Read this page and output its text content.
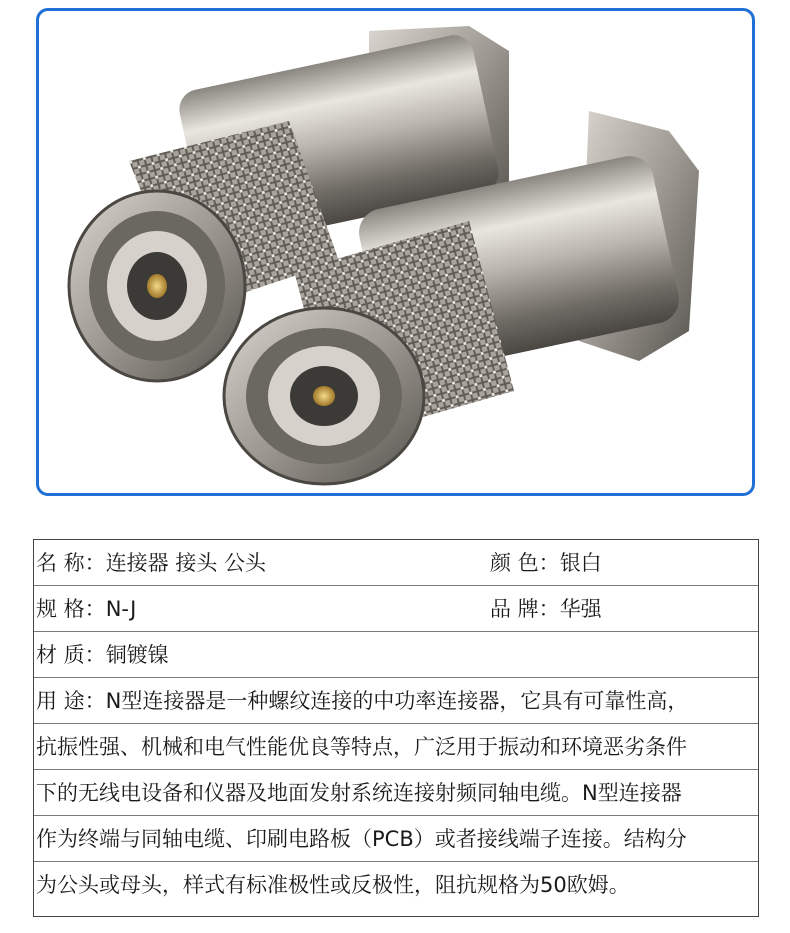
名 称：连接器 接头 公头	颜 色：银白
规 格：N-J	品 牌：华强
材 质：铜镀镍
用 途：N型连接器是一种螺纹连接的中功率连接器，它具有可靠性高，
抗振性强、机械和电气性能优良等特点，广泛用于振动和环境恶劣条件
下的无线电设备和仪器及地面发射系统连接射频同轴电缆。N型连接器
作为终端与同轴电缆、印刷电路板（PCB）或者接线端子连接。结构分
为公头或母头，样式有标准极性或反极性，阻抗规格为50欧姆。
